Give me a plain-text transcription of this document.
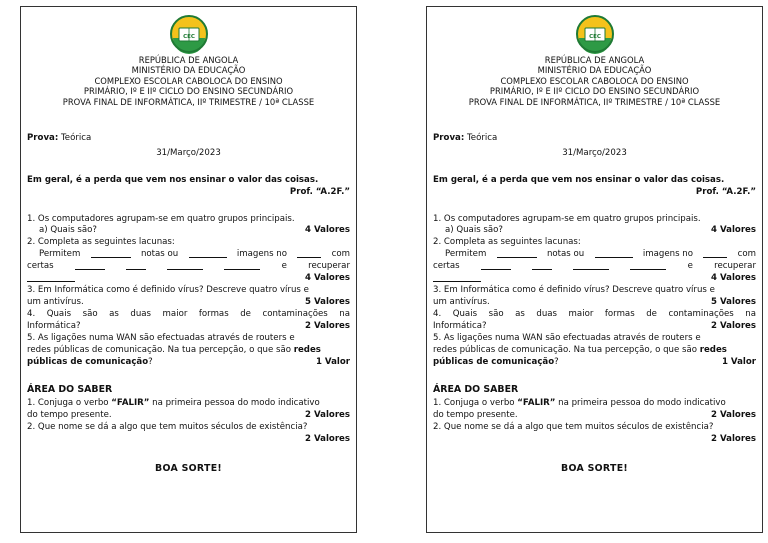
CEC
REPÚBLICA DE ANGOLA
MINISTÉRIO DA EDUCAÇÃO
COMPLEXO ESCOLAR CABOLOCA DO ENSINO
PRIMÁRIO, Iº E IIº CICLO DO ENSINO SECUNDÁRIO
PROVA FINAL DE INFORMÁTICA, IIº TRIMESTRE / 10ª CLASSE
Prova: Teórica
31/Março/2023
Em geral, é a perda que vem nos ensinar o valor das coisas.
Prof. “A.2F.”
1. Os computadores agrupam-se em quatro grupos principais.
a) Quais são?	4 Valores
2. Completa as seguintes lacunas:
Permitem	notas ou	imagens no	com
certas	e recuperar
4 Valores
3. Em Informática como é definido vírus? Descreve quatro vírus e
um antivírus.	5 Valores
4. Quais são as duas maior formas de contaminações na
Informática?	2 Valores
5. As ligações numa WAN são efectuadas através de routers e
redes públicas de comunicação. Na tua percepção, o que são redes
públicas de comunicação?	1 Valor
ÁREA DO SABER
1. Conjuga o verbo “FALIR” na primeira pessoa do modo indicativo
do tempo presente.	2 Valores
2. Que nome se dá a algo que tem muitos séculos de existência?
2 Valores
BOA SORTE!
CEC
REPÚBLICA DE ANGOLA
MINISTÉRIO DA EDUCAÇÃO
COMPLEXO ESCOLAR CABOLOCA DO ENSINO
PRIMÁRIO, Iº E IIº CICLO DO ENSINO SECUNDÁRIO
PROVA FINAL DE INFORMÁTICA, IIº TRIMESTRE / 10ª CLASSE
Prova: Teórica
31/Março/2023
Em geral, é a perda que vem nos ensinar o valor das coisas.
Prof. “A.2F.”
1. Os computadores agrupam-se em quatro grupos principais.
a) Quais são?	4 Valores
2. Completa as seguintes lacunas:
Permitem	notas ou	imagens no	com
certas	e recuperar
4 Valores
3. Em Informática como é definido vírus? Descreve quatro vírus e
um antivírus.	5 Valores
4. Quais são as duas maior formas de contaminações na
Informática?	2 Valores
5. As ligações numa WAN são efectuadas através de routers e
redes públicas de comunicação. Na tua percepção, o que são redes
públicas de comunicação?	1 Valor
ÁREA DO SABER
1. Conjuga o verbo “FALIR” na primeira pessoa do modo indicativo
do tempo presente.	2 Valores
2. Que nome se dá a algo que tem muitos séculos de existência?
2 Valores
BOA SORTE!
